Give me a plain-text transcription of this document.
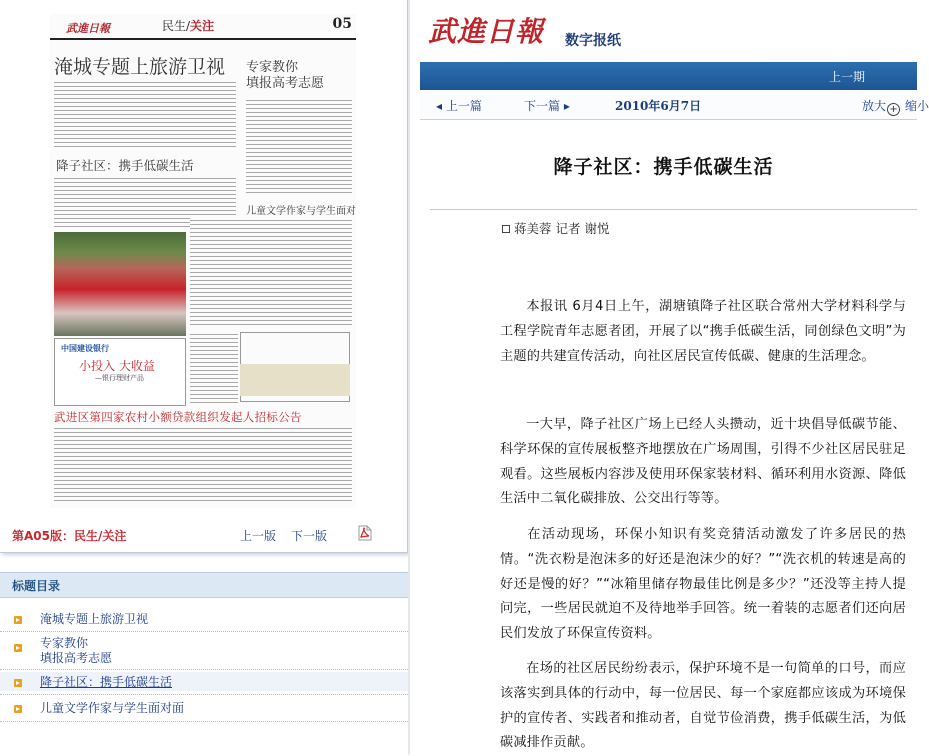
武進日報	民生/关注	05
淹城专题上旅游卫视 专家教你
填报高考志愿
降子社区：携手低碳生活
儿童文学作家与学生面对
中国建设银行
小投入 大收益
—银行理财产品
武进区第四家农村小额贷款组织发起人招标公告
第A05版：民生/关注	上一版 下一版
标题目录
淹城专题上旅游卫视
专家教你
填报高考志愿
降子社区：携手低碳生活
儿童文学作家与学生面对面
武進日報 数字报纸
上一期
◂ 上一篇	下一篇 ▸	2010年6月7日	放大 + 缩小
降子社区：携手低碳生活
蒋美蓉 记者 谢悦

本报讯 6月4日上午，湖塘镇降子社区联合常州大学材料科学与工程学院青年志愿者团，开展了以“携手低碳生活，同创绿色文明”为主题的共建宣传活动，向社区居民宣传低碳、健康的生活理念。

一大早，降子社区广场上已经人头攒动，近十块倡导低碳节能、科学环保的宣传展板整齐地摆放在广场周围，引得不少社区居民驻足观看。这些展板内容涉及使用环保家装材料、循环利用水资源、降低生活中二氧化碳排放、公交出行等等。

在活动现场，环保小知识有奖竞猜活动激发了许多居民的热情。“洗衣粉是泡沫多的好还是泡沫少的好？”“洗衣机的转速是高的好还是慢的好？”“冰箱里储存物最佳比例是多少？”还没等主持人提问完，一些居民就迫不及待地举手回答。统一着装的志愿者们还向居民们发放了环保宣传资料。

在场的社区居民纷纷表示，保护环境不是一句简单的口号，而应该落实到具体的行动中，每一位居民、每一个家庭都应该成为环境保护的宣传者、实践者和推动者，自觉节俭消费，携手低碳生活，为低碳减排作贡献。
